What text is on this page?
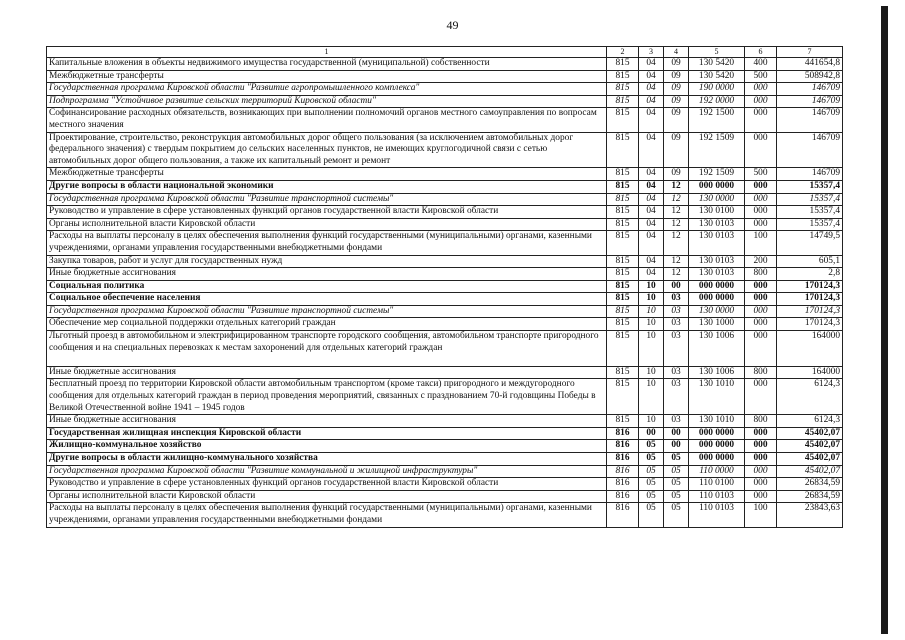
49
1	2	3	4	5	6	7
Капитальные вложения в объекты недвижимого имущества государственной (муниципальной) собственности	815	04	09	130 5420	400	441654,8
Межбюджетные трансферты	815	04	09	130 5420	500	508942,8
Государственная программа Кировской области "Развитие агропромышленного комплекса"	815	04	09	190 0000	000	146709
Подпрограмма "Устойчивое развитие сельских территорий Кировской области"	815	04	09	192 0000	000	146709
Софинансирование расходных обязательств, возникающих при выполнении полномочий органов местного самоуправления по вопросам местного значения	815	04	09	192 1500	000	146709
Проектирование, строительство, реконструкция автомобильных дорог общего пользования (за исключением автомобильных дорог федерального значения) с твердым покрытием до сельских населенных пунктов, не имеющих круглогодичной связи с сетью автомобильных дорог общего пользования, а также их капитальный ремонт и ремонт	815	04	09	192 1509	000	146709
Межбюджетные трансферты	815	04	09	192 1509	500	146709
Другие вопросы в области национальной экономики	815	04	12	000 0000	000	15357,4
Государственная программа Кировской области "Развитие транспортной системы"	815	04	12	130 0000	000	15357,4
Руководство и управление в сфере установленных функций органов государственной власти Кировской области	815	04	12	130 0100	000	15357,4
Органы исполнительной власти Кировской области	815	04	12	130 0103	000	15357,4
Расходы на выплаты персоналу в целях обеспечения выполнения функций государственными (муниципальными) органами, казенными учреждениями, органами управления государственными внебюджетными фондами	815	04	12	130 0103	100	14749,5
Закупка товаров, работ и услуг для государственных нужд	815	04	12	130 0103	200	605,1
Иные бюджетные ассигнования	815	04	12	130 0103	800	2,8
Социальная политика	815	10	00	000 0000	000	170124,3
Социальное обеспечение населения	815	10	03	000 0000	000	170124,3
Государственная программа Кировской области "Развитие транспортной системы"	815	10	03	130 0000	000	170124,3
Обеспечение мер социальной поддержки отдельных категорий граждан	815	10	03	130 1000	000	170124,3
Льготный проезд в автомобильном и электрифицированном транспорте городского сообщения, автомобильном транспорте пригородного сообщения и на специальных перевозках к местам захоронений для отдельных категорий граждан	815	10	03	130 1006	000	164000
Иные бюджетные ассигнования	815	10	03	130 1006	800	164000
Бесплатный проезд по территории Кировской области автомобильным транспортом (кроме такси) пригородного и междугородного сообщения для отдельных категорий граждан в период проведения мероприятий, связанных с празднованием 70-й годовщины Победы в Великой Отечественной войне 1941 – 1945 годов	815	10	03	130 1010	000	6124,3
Иные бюджетные ассигнования	815	10	03	130 1010	800	6124,3
Государственная жилищная инспекция Кировской области	816	00	00	000 0000	000	45402,07
Жилищно-коммунальное хозяйство	816	05	00	000 0000	000	45402,07
Другие вопросы в области жилищно-коммунального хозяйства	816	05	05	000 0000	000	45402,07
Государственная программа Кировской области "Развитие коммунальной и жилищной инфраструктуры"	816	05	05	110 0000	000	45402,07
Руководство и управление в сфере установленных функций органов государственной власти Кировской области	816	05	05	110 0100	000	26834,59
Органы исполнительной власти Кировской области	816	05	05	110 0103	000	26834,59
Расходы на выплаты персоналу в целях обеспечения выполнения функций государственными (муниципальными) органами, казенными учреждениями, органами управления государственными внебюджетными фондами	816	05	05	110 0103	100	23843,63
